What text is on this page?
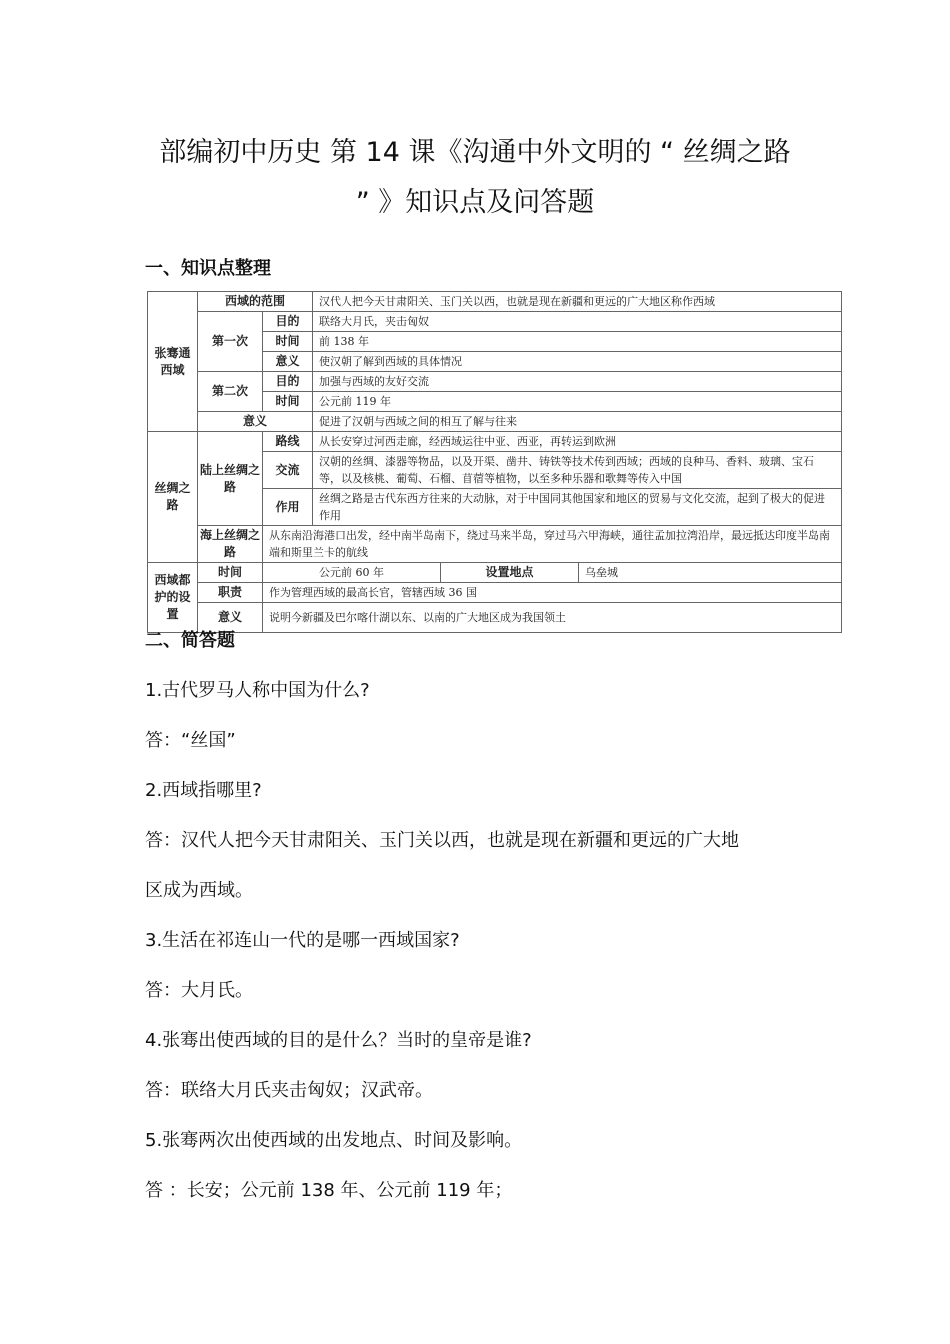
部编初中历史 第 14 课《沟通中外文明的 “ 丝绸之路
” 》知识点及问答题
一、知识点整理
张骞通西域	西域的范围		汉代人把今天甘肃阳关、玉门关以西，也就是现在新疆和更远的广大地区称作西域		
	第一次	目的	联络大月氏，夹击匈奴		
		时间	前 138 年		
		意义	使汉朝了解到西域的具体情况		
	第二次	目的	加强与西域的友好交流		
		时间	公元前 119 年		
	意义		促进了汉朝与西域之间的相互了解与往来		
丝绸之路	陆上丝绸之路	路线	从长安穿过河西走廊，经西域运往中亚、西亚，再转运到欧洲		
		交流	汉朝的丝绸、漆器等物品，以及开渠、凿井、铸铁等技术传到西域；西域的良种马、香料、玻璃、宝石等，以及核桃、葡萄、石榴、苜蓿等植物，以至多种乐器和歌舞等传入中国		
		作用	丝绸之路是古代东西方往来的大动脉，对于中国同其他国家和地区的贸易与文化交流，起到了极大的促进作用		
	海上丝绸之路	从东南沿海港口出发，经中南半岛南下，绕过马来半岛，穿过马六甲海峡，通往孟加拉湾沿岸，最远抵达印度半岛南端和斯里兰卡的航线			
西域都护的设置	时间	公元前 60 年		设置地点	乌垒城
	职责	作为管理西域的最高长官，管辖西域 36 国			
	意义	说明今新疆及巴尔喀什湖以东、以南的广大地区成为我国领土			
二、简答题

1.古代罗马人称中国为什么?

答：“丝国”

2.西域指哪里?

答：汉代人把今天甘肃阳关、玉门关以西，也就是现在新疆和更远的广大地

区成为西域。

3.生活在祁连山一代的是哪一西域国家?

答：大月氏。

4.张骞出使西域的目的是什么？当时的皇帝是谁?

答：联络大月氏夹击匈奴；汉武帝。

5.张骞两次出使西域的出发地点、时间及影响。

答 ：长安；公元前 138 年、公元前 119 年；
